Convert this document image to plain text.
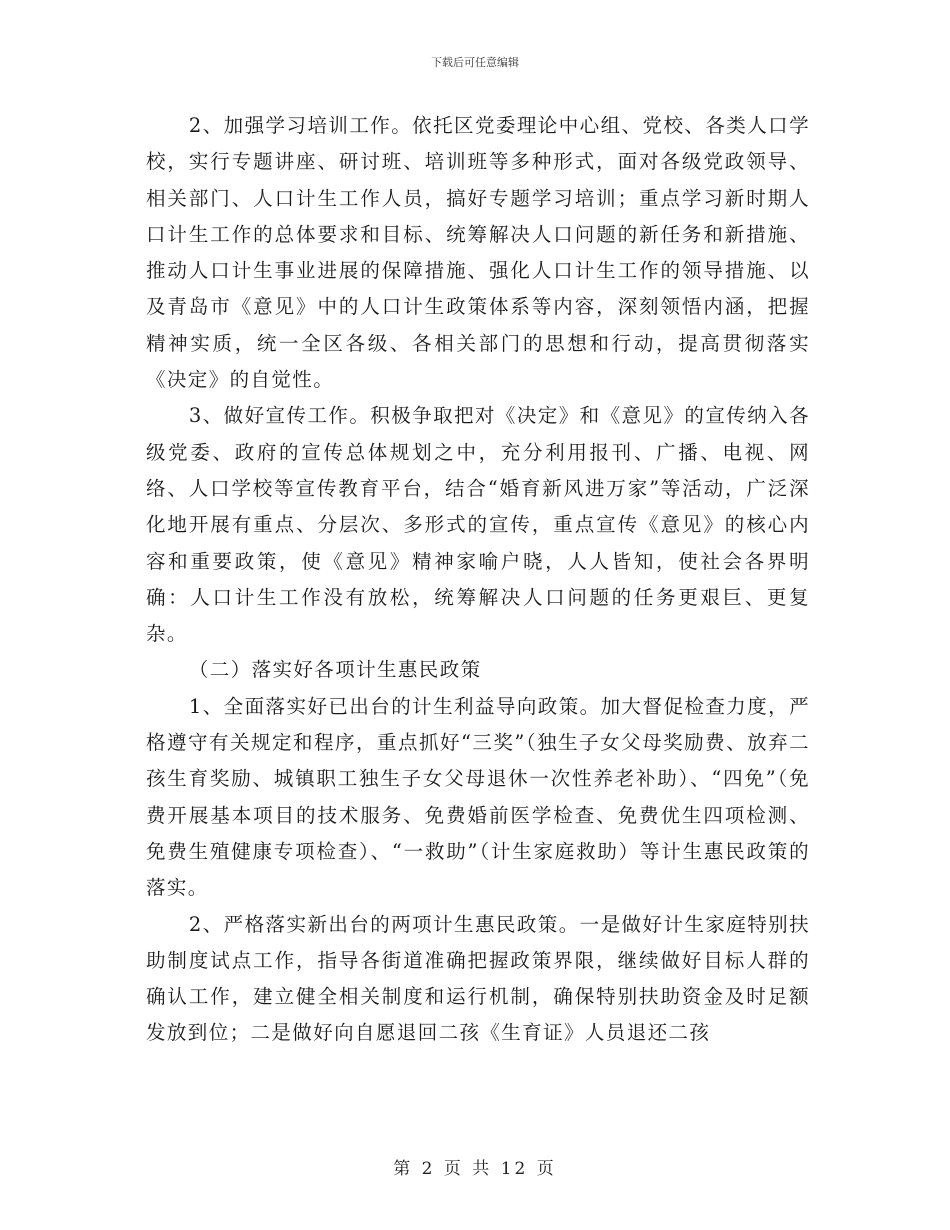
下载后可任意编辑

2、加强学习培训工作。依托区党委理论中心组、党校、各类人口学校，实行专题讲座、研讨班、培训班等多种形式，面对各级党政领导、相关部门、人口计生工作人员，搞好专题学习培训；重点学习新时期人口计生工作的总体要求和目标、统筹解决人口问题的新任务和新措施、推动人口计生事业进展的保障措施、强化人口计生工作的领导措施、以及青岛市《意见》中的人口计生政策体系等内容，深刻领悟内涵，把握精神实质，统一全区各级、各相关部门的思想和行动，提高贯彻落实《决定》的自觉性。

3、做好宣传工作。积极争取把对《决定》和《意见》的宣传纳入各级党委、政府的宣传总体规划之中，充分利用报刊、广播、电视、网络、人口学校等宣传教育平台，结合“婚育新风进万家”等活动，广泛深化地开展有重点、分层次、多形式的宣传，重点宣传《意见》的核心内容和重要政策，使《意见》精神家喻户晓，人人皆知，使社会各界明确：人口计生工作没有放松，统筹解决人口问题的任务更艰巨、更复杂。

（二）落实好各项计生惠民政策

1、全面落实好已出台的计生利益导向政策。加大督促检查力度，严格遵守有关规定和程序，重点抓好“三奖”（独生子女父母奖励费、放弃二孩生育奖励、城镇职工独生子女父母退休一次性养老补助）、“四免”（免费开展基本项目的技术服务、免费婚前医学检查、免费优生四项检测、免费生殖健康专项检查）、“一救助”（计生家庭救助）等计生惠民政策的落实。

2、严格落实新出台的两项计生惠民政策。一是做好计生家庭特别扶助制度试点工作，指导各街道准确把握政策界限，继续做好目标人群的确认工作，建立健全相关制度和运行机制，确保特别扶助资金及时足额发放到位；二是做好向自愿退回二孩《生育证》人员退还二孩

第 2 页 共 12 页
